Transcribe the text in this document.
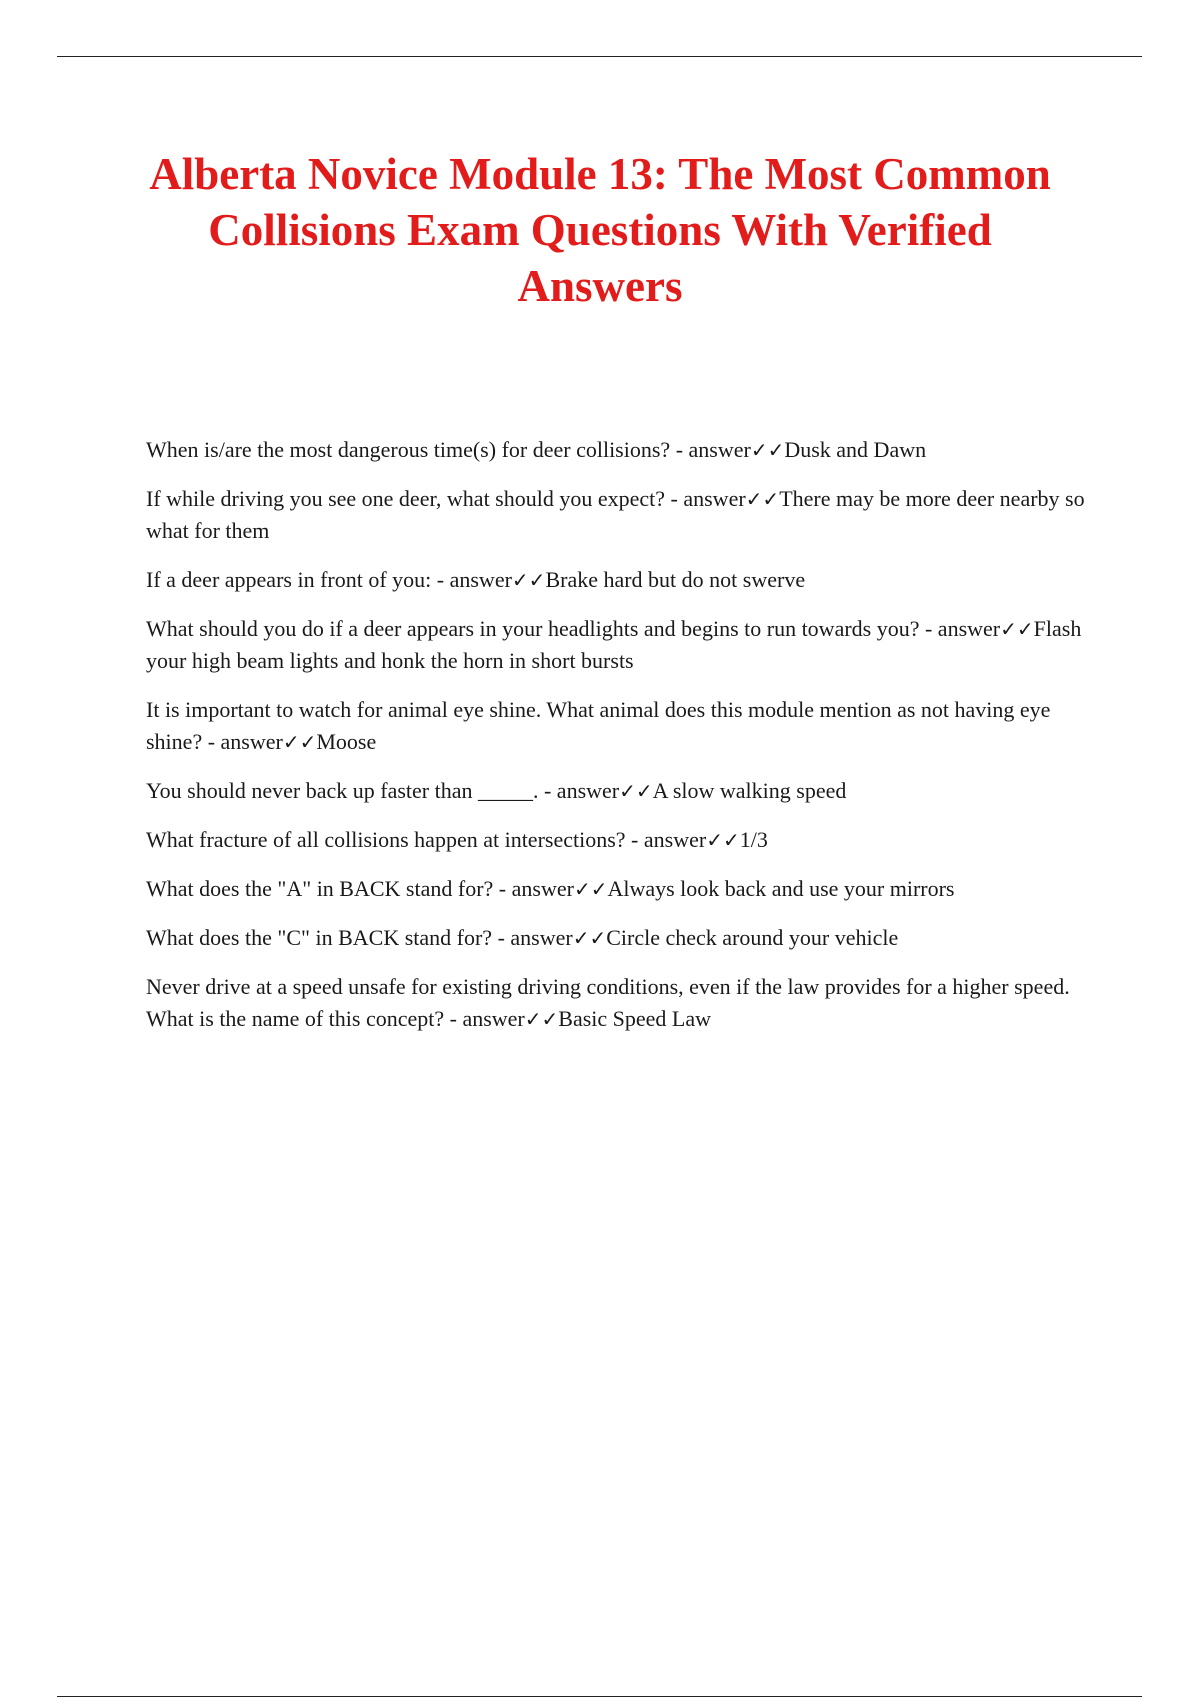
Alberta Novice Module 13: The Most Common Collisions Exam Questions With Verified Answers
When is/are the most dangerous time(s) for deer collisions? - answer✓✓Dusk and Dawn
If while driving you see one deer, what should you expect? - answer✓✓There may be more deer nearby so what for them
If a deer appears in front of you: - answer✓✓Brake hard but do not swerve
What should you do if a deer appears in your headlights and begins to run towards you? - answer✓✓Flash your high beam lights and honk the horn in short bursts
It is important to watch for animal eye shine. What animal does this module mention as not having eye shine? - answer✓✓Moose
You should never back up faster than _____. - answer✓✓A slow walking speed
What fracture of all collisions happen at intersections? - answer✓✓1/3
What does the "A" in BACK stand for? - answer✓✓Always look back and use your mirrors
What does the "C" in BACK stand for? - answer✓✓Circle check around your vehicle
Never drive at a speed unsafe for existing driving conditions, even if the law provides for a higher speed. What is the name of this concept? - answer✓✓Basic Speed Law
